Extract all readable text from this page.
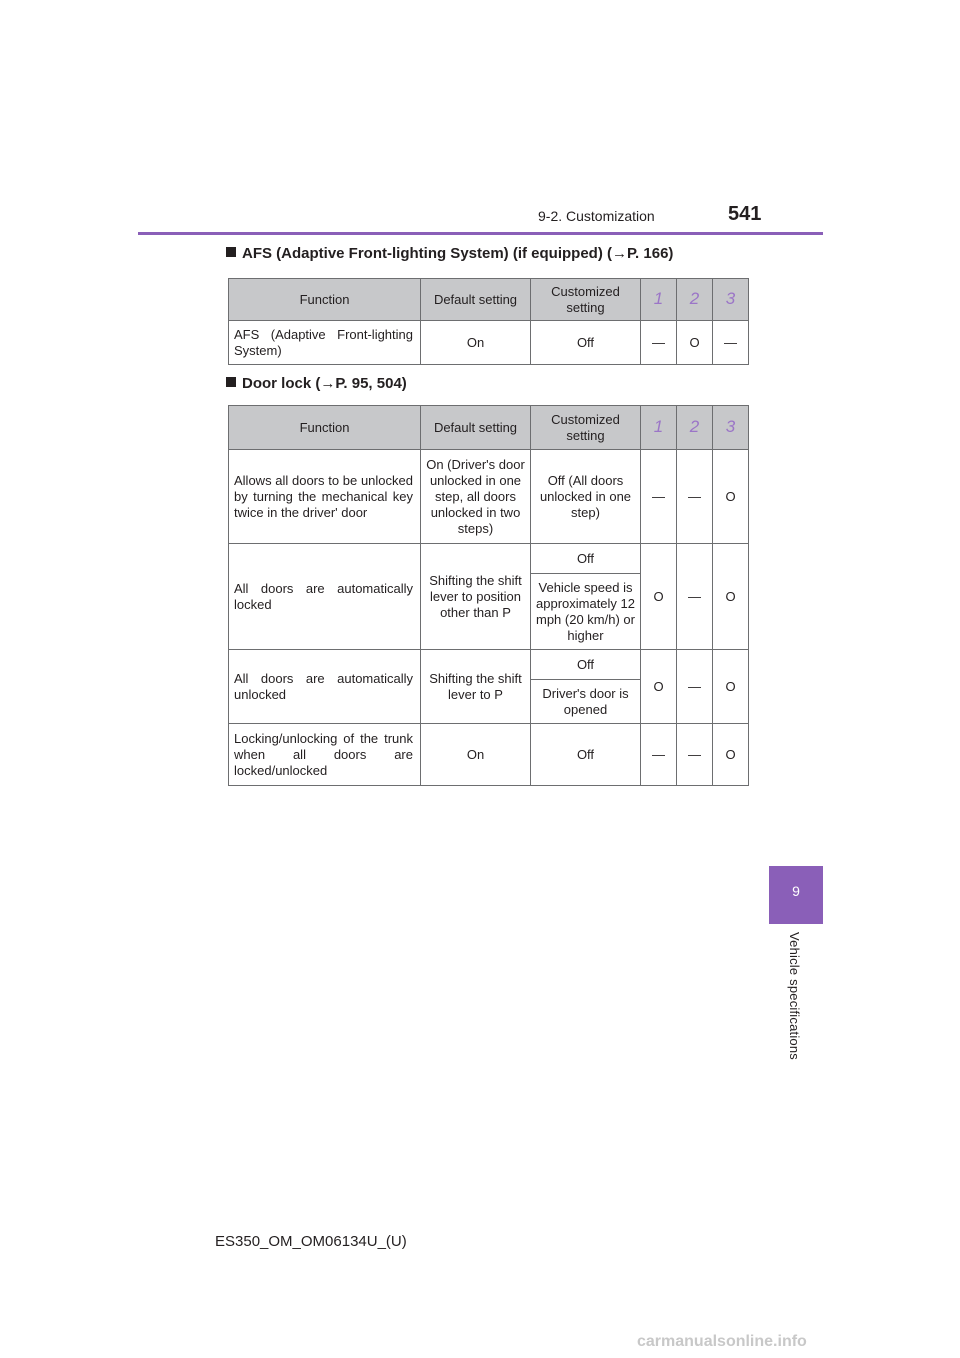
9-2. Customization	541
AFS (Adaptive Front-lighting System) (if equipped) (→P. 166)
Function	Default setting	Customized setting	1	2	3
AFS (Adaptive Front-lighting System)	On	Off	—	O	—
Door lock (→P. 95, 504)
Function	Default setting	Customized setting	1	2	3
Allows all doors to be unlocked by turning the mechanical key twice in the driver' door	On (Driver's door unlocked in one step, all doors unlocked in two steps)	Off (All doors unlocked in one step)	—	—	O
All doors are automatically locked	Shifting the shift lever to position other than P	Off	O	—	O
		Vehicle speed is approximately 12 mph (20 km/h) or higher			
All doors are automatically unlocked	Shifting the shift lever to P	Off	O	—	O
		Driver's door is opened			
Locking/unlocking of the trunk when all doors are locked/unlocked	On	Off	—	—	O
9
Vehicle specifications
ES350_OM_OM06134U_(U)
carmanualsonline.info
